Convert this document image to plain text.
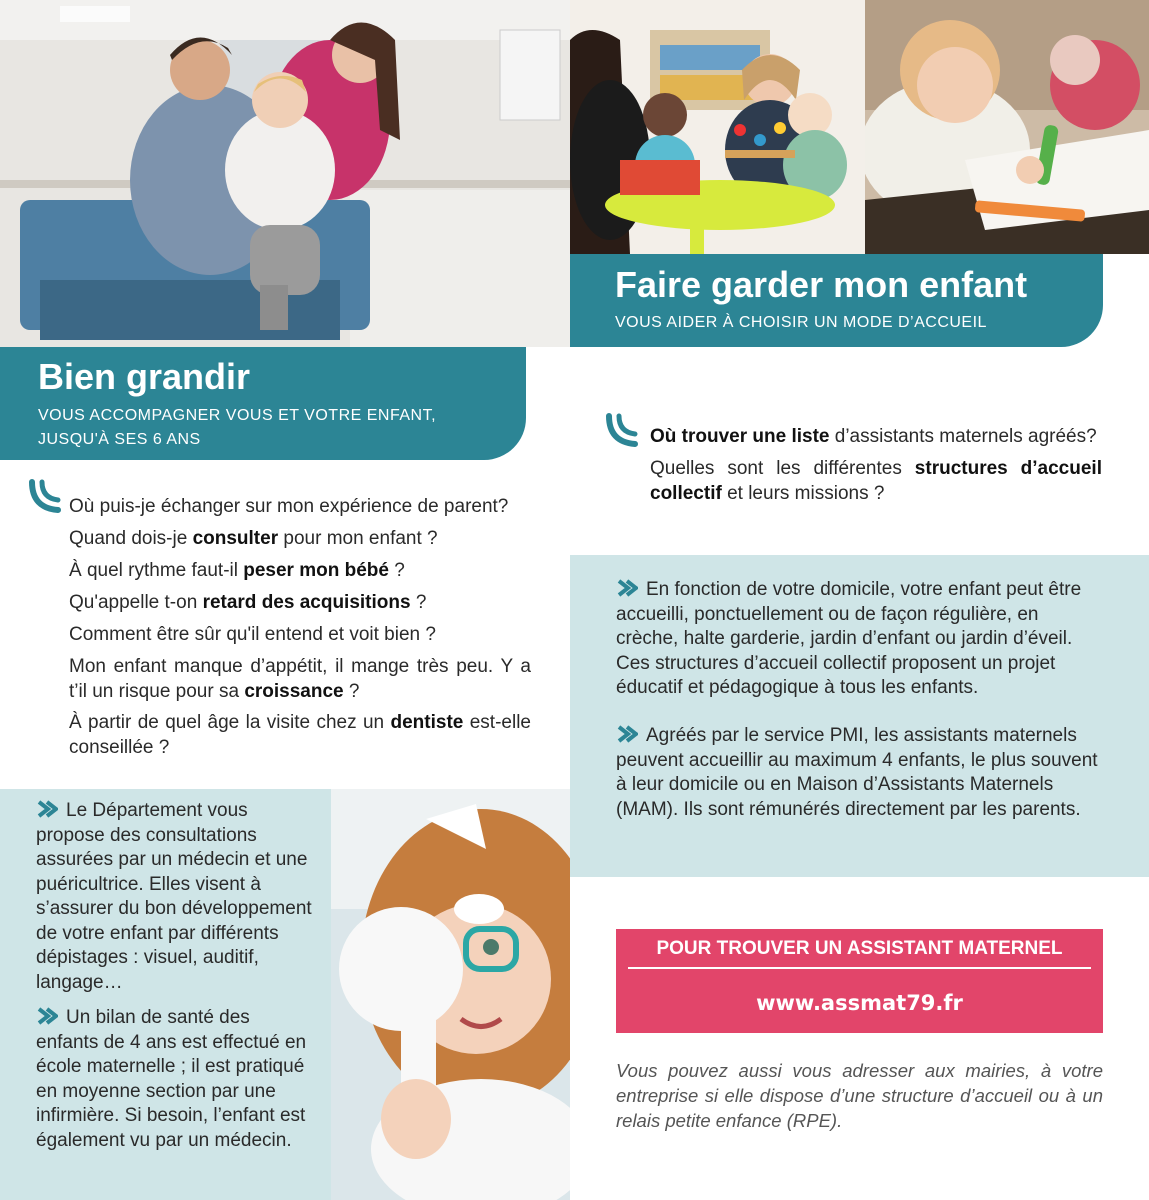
Bien grandir
VOUS ACCOMPAGNER VOUS ET VOTRE ENFANT,
JUSQU'À SES 6 ANS
Faire garder mon enfant
VOUS AIDER À CHOISIR UN MODE D’ACCUEIL
Où puis-je échanger sur mon expérience de parent?
Quand dois-je consulter pour mon enfant ?
À quel rythme faut-il peser mon bébé ?
Qu'appelle t-on retard des acquisitions ?
Comment être sûr qu'il entend et voit bien ?
Mon enfant manque d’appétit, il mange très peu. Y a t’il un risque pour sa croissance ?
À partir de quel âge la visite chez un dentiste est-elle conseillée ?
Le Département vous propose des consultations assurées par un médecin et une puéricultrice. Elles visent à s’assurer du bon développement de votre enfant par différents dépistages : visuel, auditif, langage…
Un bilan de santé des enfants de 4 ans est effectué en école maternelle ; il est pratiqué en moyenne section par une infirmière. Si besoin, l’enfant est également vu par un médecin.
Où trouver une liste d’assistants maternels agréés?
Quelles sont les différentes structures d’accueil collectif et leurs missions ?
En fonction de votre domicile, votre enfant peut être accueilli, ponctuellement ou de façon régulière, en crèche, halte garderie, jardin d’enfant ou jardin d’éveil. Ces structures d’accueil collectif proposent un projet éducatif et pédagogique à tous les enfants.
Agréés par le service PMI, les assistants maternels peuvent accueillir au maximum 4 enfants, le plus souvent à leur domicile ou en Maison d’Assistants Maternels (MAM). Ils sont rémunérés directement par les parents.
POUR TROUVER UN ASSISTANT MATERNEL
www.assmat79.fr
Vous pouvez aussi vous adresser aux mairies, à votre entreprise si elle dispose d’une structure d’accueil ou à un relais petite enfance (RPE).
